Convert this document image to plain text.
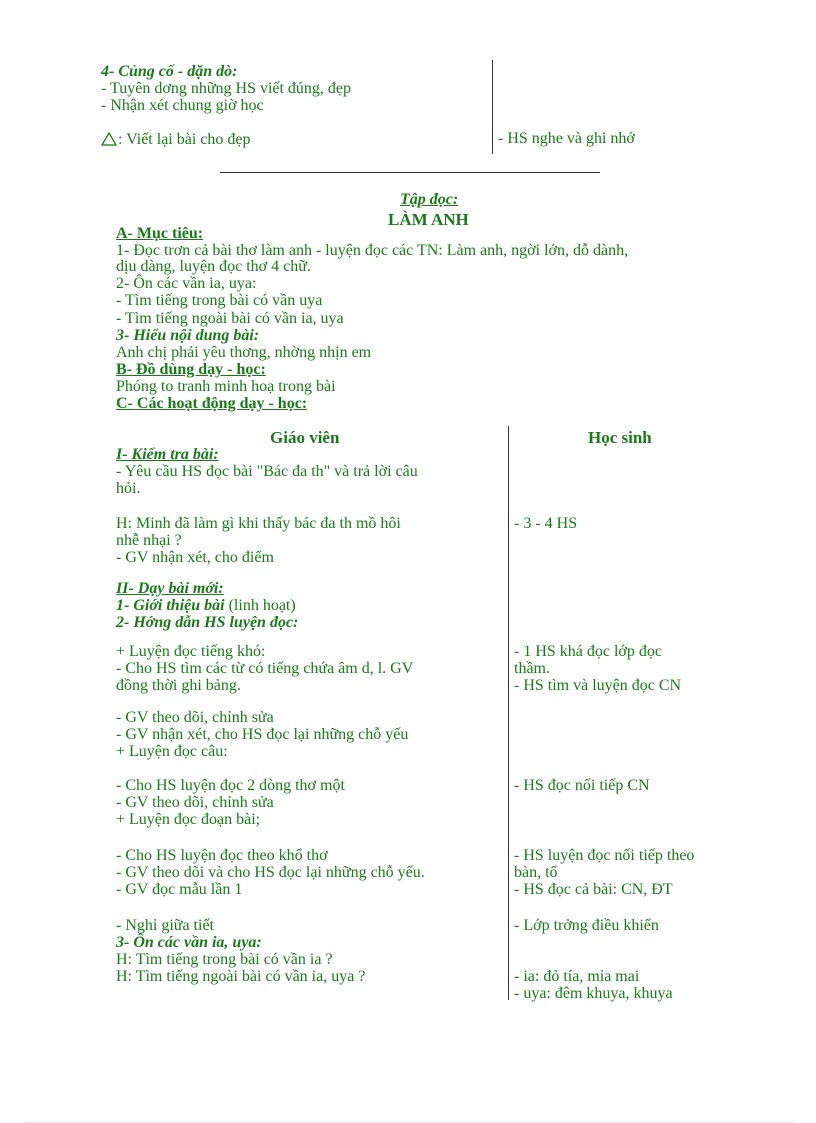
4- Củng cố - dặn dò:
- Tuyên dơng những HS viết đúng, đẹp
- Nhận xét chung giờ học
: Viết lại bài cho đẹp	- HS nghe và ghi nhớ
Tập đọc:
LÀM ANH
A- Mục tiêu:
1- Đọc trơn cả bài thơ làm anh - luyện đọc các TN: Làm anh, ngời lớn, dỗ dành,
dịu dàng, luyện đọc thơ 4 chữ.
2- Ôn các vần ia, uya:
- Tìm tiếng trong bài có vần uya
- Tìm tiếng ngoài bài có vần ia, uya
3- Hiểu nội dung bài:
Anh chị phải yêu thơng, nhờng nhịn em
B- Đồ dùng dạy - học:
Phóng to tranh minh hoạ trong bài
C- Các hoạt động dạy - học:
Giáo viên	Học sinh
I- Kiểm tra bài:
- Yêu cầu HS đọc bài "Bác đa th" và trả lời câu
hỏi.
H: Minh đã làm gì khi thấy bác đa th mồ hôi
nhễ nhại ?
- GV nhận xét, cho điểm
II- Dạy bài mới:
1- Giới thiệu bài (linh hoạt)
2- Hớng dẫn HS luyện đọc:
+ Luyện đọc tiếng khó:
- Cho HS tìm các từ có tiếng chứa âm d, l. GV
đồng thời ghi bảng.
- GV theo dõi, chỉnh sửa
- GV nhận xét, cho HS đọc lại những chỗ yếu
+ Luyện đọc câu:
- Cho HS luyện đọc 2 dòng thơ một
- GV theo dõi, chỉnh sửa
+ Luyện đọc đoạn bài;
- Cho HS luyện đọc theo khổ thơ
- GV theo dõi và cho HS đọc lại những chỗ yếu.
- GV đọc mẫu lần 1
- Nghỉ giữa tiết
3- Ôn các vần ia, uya:
H: Tìm tiếng trong bài có vần ia ?
H: Tìm tiếng ngoài bài có vần ia, uya ?
- 3 - 4 HS
- 1 HS khá đọc lớp đọc
thầm.
- HS tìm và luyện đọc CN
- HS đọc nối tiếp CN
- HS luyện đọc nối tiếp theo
bàn, tổ
- HS đọc cả bài: CN, ĐT
- Lớp trởng điều khiển
- ia: đỏ tía, mỉa mai
- uya: đêm khuya, khuya
